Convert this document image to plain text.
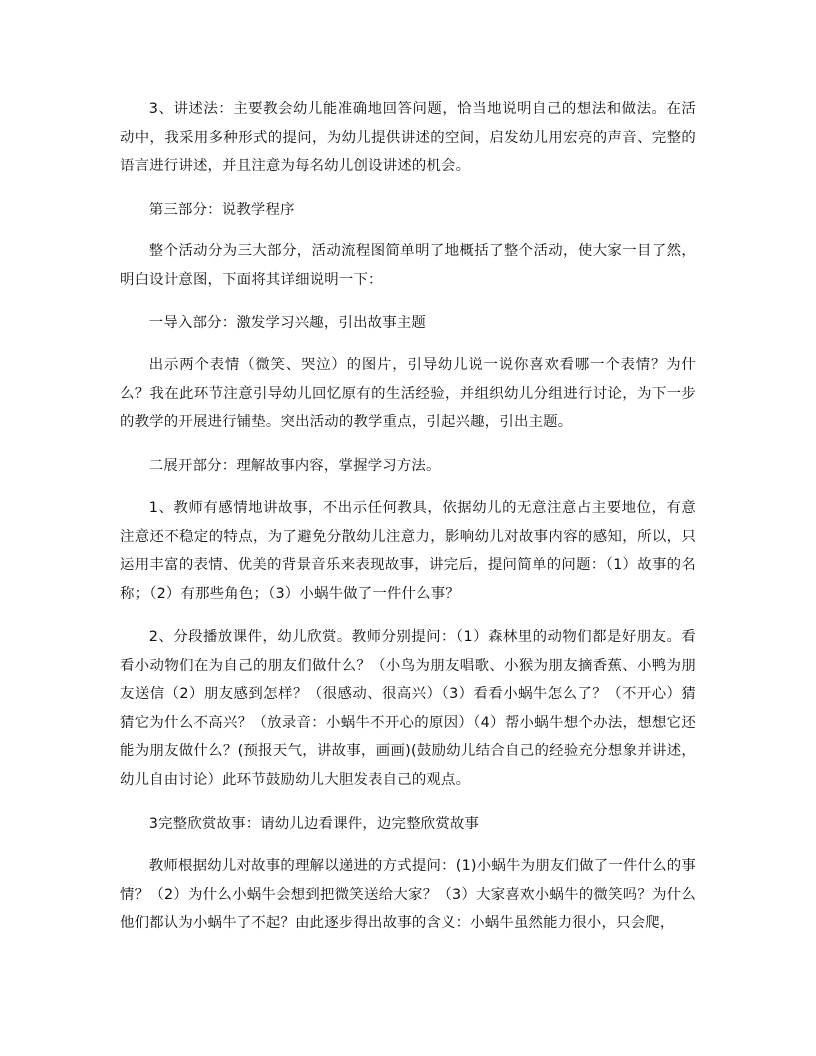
3、讲述法：主要教会幼儿能准确地回答问题，恰当地说明自己的想法和做法。在活动中，我采用多种形式的提问，为幼儿提供讲述的空间，启发幼儿用宏亮的声音、完整的语言进行讲述，并且注意为每名幼儿创设讲述的机会。

第三部分：说教学程序

整个活动分为三大部分，活动流程图简单明了地概括了整个活动，使大家一目了然，明白设计意图，下面将其详细说明一下：

一导入部分：激发学习兴趣，引出故事主题

出示两个表情（微笑、哭泣）的图片，引导幼儿说一说你喜欢看哪一个表情？为什么？我在此环节注意引导幼儿回忆原有的生活经验，并组织幼儿分组进行讨论，为下一步的教学的开展进行铺垫。突出活动的教学重点，引起兴趣，引出主题。

二展开部分：理解故事内容，掌握学习方法。

1、教师有感情地讲故事，不出示任何教具，依据幼儿的无意注意占主要地位，有意注意还不稳定的特点，为了避免分散幼儿注意力，影响幼儿对故事内容的感知，所以，只运用丰富的表情、优美的背景音乐来表现故事，讲完后，提问简单的问题：（1）故事的名称；（2）有那些角色；（3）小蜗牛做了一件什么事？

2、分段播放课件，幼儿欣赏。教师分别提问：（1）森林里的动物们都是好朋友。看看小动物们在为自己的朋友们做什么？（小鸟为朋友唱歌、小猴为朋友摘香蕉、小鸭为朋友送信（2）朋友感到怎样？（很感动、很高兴）（3）看看小蜗牛怎么了？（不开心）猜猜它为什么不高兴？（放录音：小蜗牛不开心的原因）（4）帮小蜗牛想个办法，想想它还能为朋友做什么？(预报天气，讲故事，画画)(鼓励幼儿结合自己的经验充分想象并讲述，幼儿自由讨论）此环节鼓励幼儿大胆发表自己的观点。

3完整欣赏故事：请幼儿边看课件，边完整欣赏故事

教师根据幼儿对故事的理解以递进的方式提问：(1)小蜗牛为朋友们做了一件什么的事情？（2）为什么小蜗牛会想到把微笑送给大家？（3）大家喜欢小蜗牛的微笑吗？为什么他们都认为小蜗牛了不起？由此逐步得出故事的含义：小蜗牛虽然能力很小，只会爬，
